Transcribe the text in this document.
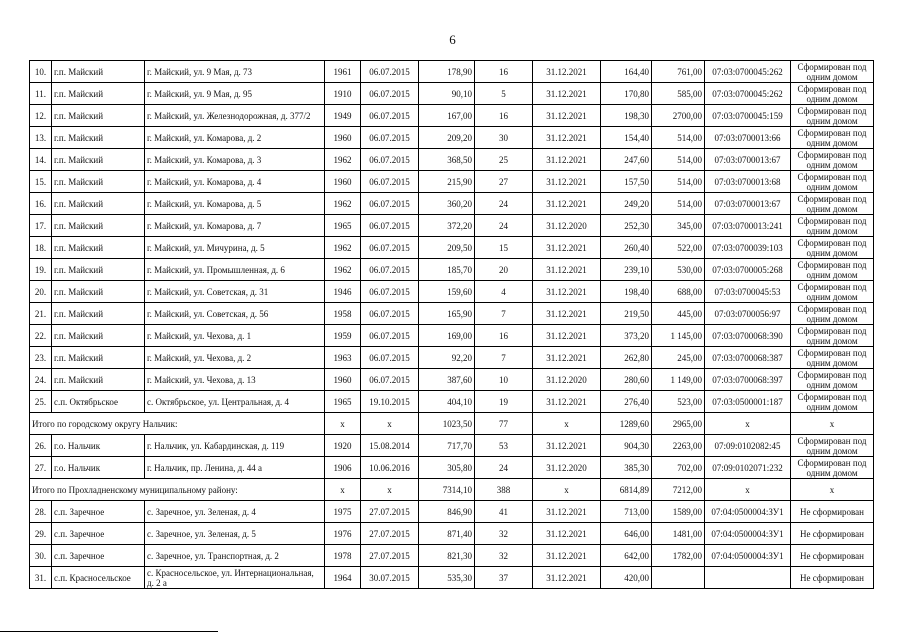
6
10.	г.п. Майский	г. Майский, ул. 9 Мая, д. 73	1961	06.07.2015	178,90	16	31.12.2021	164,40	761,00	07:03:0700045:262	Сформирован под одним домом
11.	г.п. Майский	г. Майский, ул. 9 Мая, д. 95	1910	06.07.2015	90,10	5	31.12.2021	170,80	585,00	07:03:0700045:262	Сформирован под одним домом
12.	г.п. Майский	г. Майский, ул. Железнодорожная, д. 377/2	1949	06.07.2015	167,00	16	31.12.2021	198,30	2700,00	07:03:0700045:159	Сформирован под одним домом
13.	г.п. Майский	г. Майский, ул. Комарова, д. 2	1960	06.07.2015	209,20	30	31.12.2021	154,40	514,00	07:03:0700013:66	Сформирован под одним домом
14.	г.п. Майский	г. Майский, ул. Комарова, д. 3	1962	06.07.2015	368,50	25	31.12.2021	247,60	514,00	07:03:0700013:67	Сформирован под одним домом
15.	г.п. Майский	г. Майский, ул. Комарова, д. 4	1960	06.07.2015	215,90	27	31.12.2021	157,50	514,00	07:03:0700013:68	Сформирован под одним домом
16.	г.п. Майский	г. Майский, ул. Комарова, д. 5	1962	06.07.2015	360,20	24	31.12.2021	249,20	514,00	07:03:0700013:67	Сформирован под одним домом
17.	г.п. Майский	г. Майский, ул. Комарова, д. 7	1965	06.07.2015	372,20	24	31.12.2020	252,30	345,00	07:03:0700013:241	Сформирован под одним домом
18.	г.п. Майский	г. Майский, ул. Мичурина, д. 5	1962	06.07.2015	209,50	15	31.12.2021	260,40	522,00	07:03:0700039:103	Сформирован под одним домом
19.	г.п. Майский	г. Майский, ул. Промышленная, д. 6	1962	06.07.2015	185,70	20	31.12.2021	239,10	530,00	07:03:0700005:268	Сформирован под одним домом
20.	г.п. Майский	г. Майский, ул. Советская, д. 31	1946	06.07.2015	159,60	4	31.12.2021	198,40	688,00	07:03:0700045:53	Сформирован под одним домом
21.	г.п. Майский	г. Майский, ул. Советская, д. 56	1958	06.07.2015	165,90	7	31.12.2021	219,50	445,00	07:03:0700056:97	Сформирован под одним домом
22.	г.п. Майский	г. Майский, ул. Чехова, д. 1	1959	06.07.2015	169,00	16	31.12.2021	373,20	1 145,00	07:03:0700068:390	Сформирован под одним домом
23.	г.п. Майский	г. Майский, ул. Чехова, д. 2	1963	06.07.2015	92,20	7	31.12.2021	262,80	245,00	07:03:0700068:387	Сформирован под одним домом
24.	г.п. Майский	г. Майский, ул. Чехова, д. 13	1960	06.07.2015	387,60	10	31.12.2020	280,60	1 149,00	07:03:0700068:397	Сформирован под одним домом
25.	с.п. Октябрьское	с. Октябрьское, ул. Центральная, д. 4	1965	19.10.2015	404,10	19	31.12.2021	276,40	523,00	07:03:0500001:187	Сформирован под одним домом
Итого по городскому округу Нальчик:			x	x	1023,50	77	x	1289,60	2965,00	x	x
26.	г.о. Нальчик	г. Нальчик, ул. Кабардинская, д. 119	1920	15.08.2014	717,70	53	31.12.2021	904,30	2263,00	07:09:0102082:45	Сформирован под одним домом
27.	г.о. Нальчик	г. Нальчик, пр. Ленина, д. 44 а	1906	10.06.2016	305,80	24	31.12.2020	385,30	702,00	07:09:0102071:232	Сформирован под одним домом
Итого по Прохладненскому муниципальному району:			x	x	7314,10	388	x	6814,89	7212,00	x	x
28.	с.п. Заречное	с. Заречное, ул. Зеленая, д. 4	1975	27.07.2015	846,90	41	31.12.2021	713,00	1589,00	07:04:0500004:ЗУ1	Не сформирован
29.	с.п. Заречное	с. Заречное, ул. Зеленая, д. 5	1976	27.07.2015	871,40	32	31.12.2021	646,00	1481,00	07:04:0500004:ЗУ1	Не сформирован
30.	с.п. Заречное	с. Заречное, ул. Транспортная, д. 2	1978	27.07.2015	821,30	32	31.12.2021	642,00	1782,00	07:04:0500004:ЗУ1	Не сформирован
31.	с.п. Красносельское	с. Красносельское, ул. Интернациональная, д. 2 а	1964	30.07.2015	535,30	37	31.12.2021	420,00			Не сформирован
